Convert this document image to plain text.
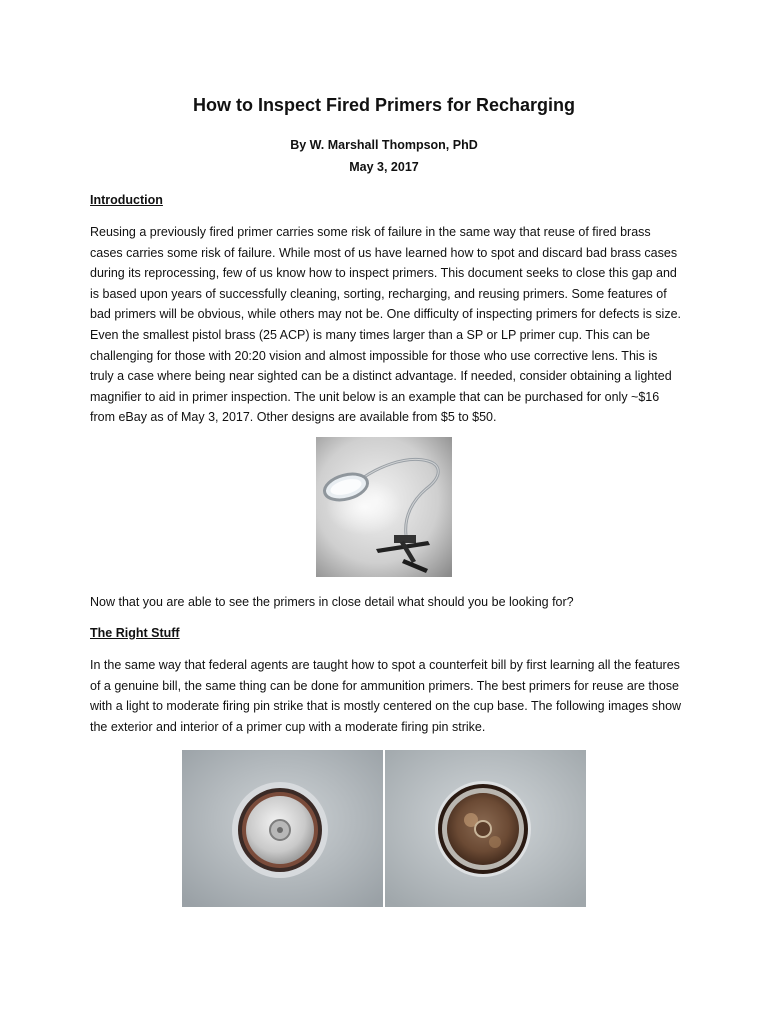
How to Inspect Fired Primers for Recharging
By W. Marshall Thompson, PhD
May 3, 2017
Introduction

Reusing a previously fired primer carries some risk of failure in the same way that reuse of fired brass cases carries some risk of failure. While most of us have learned how to spot and discard bad brass cases during its reprocessing, few of us know how to inspect primers. This document seeks to close this gap and is based upon years of successfully cleaning, sorting, recharging, and reusing primers. Some features of bad primers will be obvious, while others may not be. One difficulty of inspecting primers for defects is size. Even the smallest pistol brass (25 ACP) is many times larger than a SP or LP primer cup. This can be challenging for those with 20:20 vision and almost impossible for those who use corrective lens. This is truly a case where being near sighted can be a distinct advantage. If needed, consider obtaining a lighted magnifier to aid in primer inspection. The unit below is an example that can be purchased for only ~$16 from eBay as of May 3, 2017. Other designs are available from $5 to $50.

Now that you are able to see the primers in close detail what should you be looking for?

The Right Stuff

In the same way that federal agents are taught how to spot a counterfeit bill by first learning all the features of a genuine bill, the same thing can be done for ammunition primers. The best primers for reuse are those with a light to moderate firing pin strike that is mostly centered on the cup base. The following images show the exterior and interior of a primer cup with a moderate firing pin strike.
